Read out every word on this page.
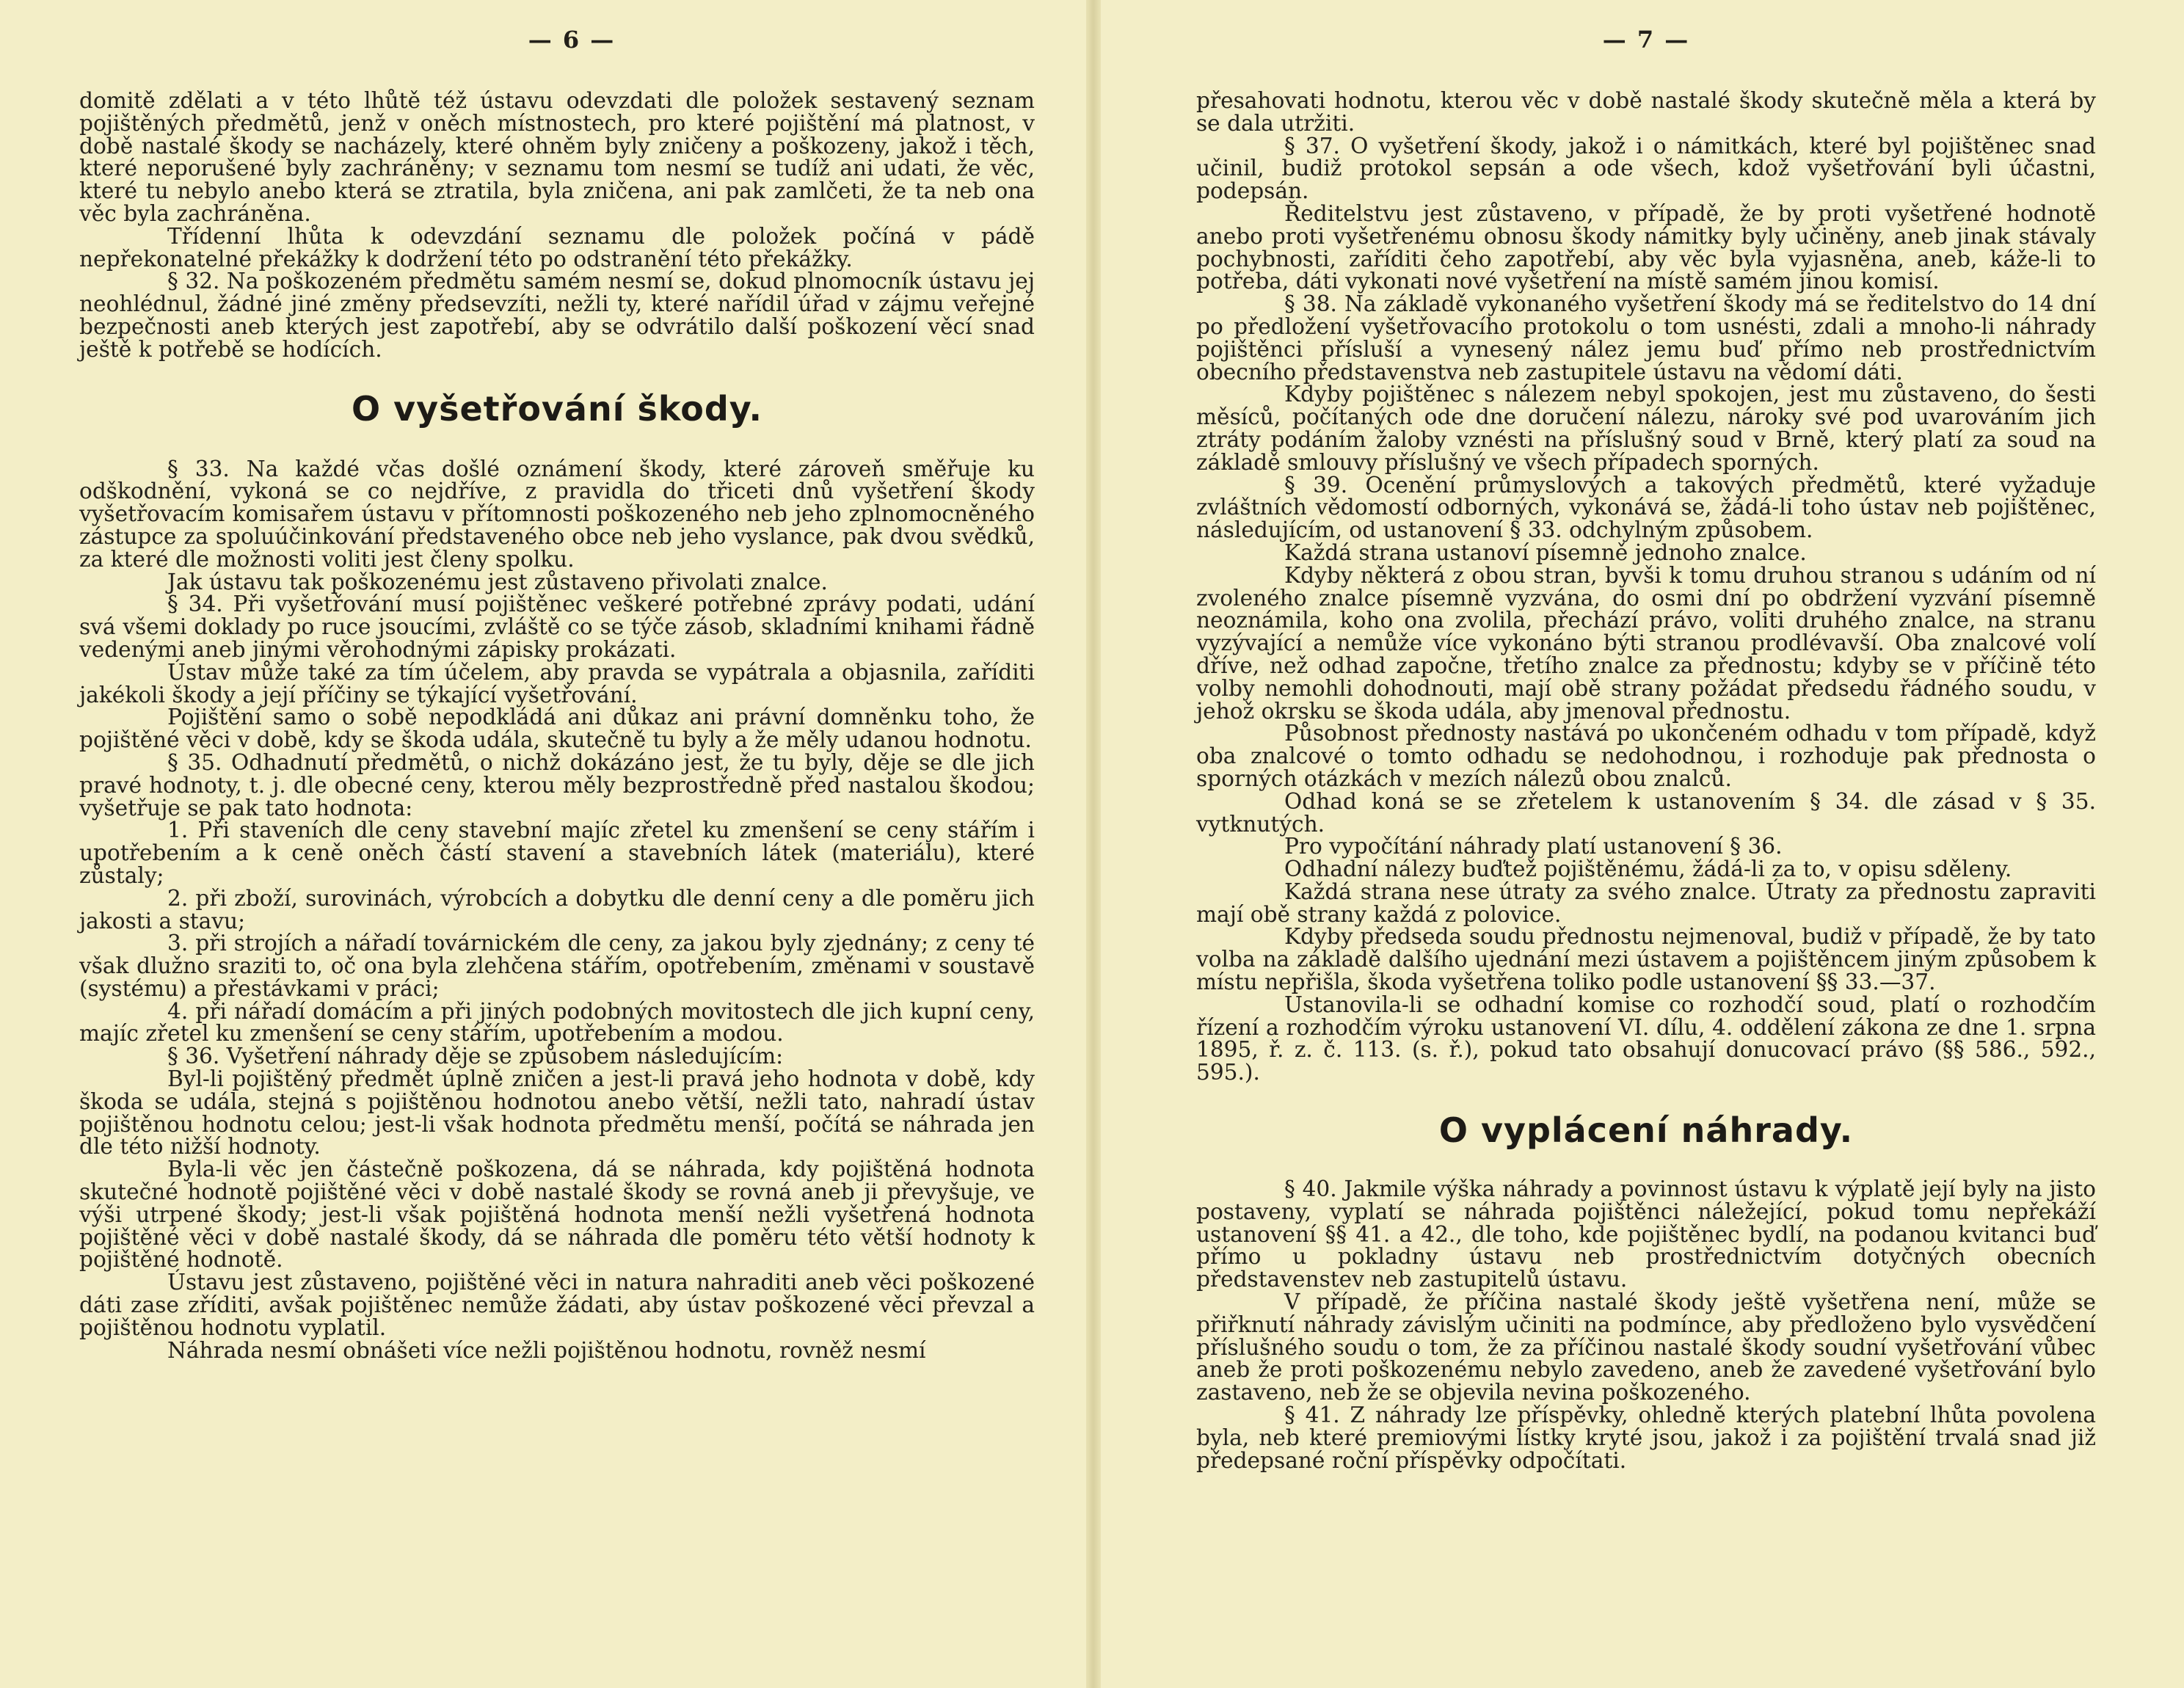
— 6 —

domitě zdělati a v této lhůtě též ústavu odevzdati dle položek sestavený seznam pojištěných předmětů, jenž v oněch místnostech, pro které pojištění má platnost, v době nastalé škody se nacházely, které ohněm byly zničeny a poškozeny, jakož i těch, které neporušené byly zachráněny; v seznamu tom nesmí se tudíž ani udati, že věc, které tu nebylo anebo která se ztratila, byla zničena, ani pak zamlčeti, že ta neb ona věc byla zachráněna.

Třídenní lhůta k odevzdání seznamu dle položek počíná v pádě nepřekonatelné překážky k dodržení této po odstranění této překážky.

§ 32. Na poškozeném předmětu samém nesmí se, dokud plnomocník ústavu jej neohlédnul, žádné jiné změny předsevzíti, nežli ty, které nařídil úřad v zájmu veřejné bezpečnosti aneb kterých jest zapotřebí, aby se odvrátilo další poškození věcí snad ještě k potřebě se hodících.

O vyšetřování škody.

§ 33. Na každé včas došlé oznámení škody, které zároveň směřuje ku odškodnění, vykoná se co nejdříve, z pravidla do třiceti dnů vyšetření škody vyšetřovacím komisařem ústavu v přítomnosti poškozeného neb jeho zplnomocněného zástupce za spoluúčinkování představeného obce neb jeho vyslance, pak dvou svědků, za které dle možnosti voliti jest členy spolku.

Jak ústavu tak poškozenému jest zůstaveno přivolati znalce.

§ 34. Při vyšetřování musí pojištěnec veškeré potřebné zprávy podati, udání svá všemi doklady po ruce jsoucími, zvláště co se týče zásob, skladními knihami řádně vedenými aneb jinými věrohodnými zápisky prokázati.

Ústav může také za tím účelem, aby pravda se vypátrala a objasnila, zaříditi jakékoli škody a její příčiny se týkající vyšetřování.

Pojištění samo o sobě nepodkládá ani důkaz ani právní domněnku toho, že pojištěné věci v době, kdy se škoda udála, skutečně tu byly a že měly udanou hodnotu.

§ 35. Odhadnutí předmětů, o nichž dokázáno jest, že tu byly, děje se dle jich pravé hodnoty, t. j. dle obecné ceny, kterou měly bezprostředně před nastalou škodou; vyšetřuje se pak tato hodnota:

1. Při staveních dle ceny stavební majíc zřetel ku zmenšení se ceny stářím i upotřebením a k ceně oněch částí stavení a stavebních látek (materiálu), které zůstaly;

2. při zboží, surovinách, výrobcích a dobytku dle denní ceny a dle poměru jich jakosti a stavu;

3. při strojích a nářadí továrnickém dle ceny, za jakou byly zjednány; z ceny té však dlužno sraziti to, oč ona byla zlehčena stářím, opotřebením, změnami v soustavě (systému) a přestávkami v práci;

4. při nářadí domácím a při jiných podobných movitostech dle jich kupní ceny, majíc zřetel ku zmenšení se ceny stářím, upotřebením a modou.

§ 36. Vyšetření náhrady děje se způsobem následujícím:

Byl-li pojištěný předmět úplně zničen a jest-li pravá jeho hodnota v době, kdy škoda se udála, stejná s pojištěnou hodnotou anebo větší, nežli tato, nahradí ústav pojištěnou hodnotu celou; jest-li však hodnota předmětu menší, počítá se náhrada jen dle této nižší hodnoty.

Byla-li věc jen částečně poškozena, dá se náhrada, kdy pojištěná hodnota skutečné hodnotě pojištěné věci v době nastalé škody se rovná aneb ji převyšuje, ve výši utrpené škody; jest-li však pojištěná hodnota menší nežli vyšetřená hodnota pojištěné věci v době nastalé škody, dá se náhrada dle poměru této větší hodnoty k pojištěné hodnotě.

Ústavu jest zůstaveno, pojištěné věci in natura nahraditi aneb věci poškozené dáti zase zříditi, avšak pojištěnec nemůže žádati, aby ústav poškozené věci převzal a pojištěnou hodnotu vyplatil.

Náhrada nesmí obnášeti více nežli pojištěnou hodnotu, rovněž nesmí

— 7 —

přesahovati hodnotu, kterou věc v době nastalé škody skutečně měla a která by se dala utržiti.

§ 37. O vyšetření škody, jakož i o námitkách, které byl pojištěnec snad učinil, budiž protokol sepsán a ode všech, kdož vyšetřování byli účastni, podepsán.

Ředitelstvu jest zůstaveno, v případě, že by proti vyšetřené hodnotě anebo proti vyšetřenému obnosu škody námitky byly učiněny, aneb jinak stávaly pochybnosti, zaříditi čeho zapotřebí, aby věc byla vyjasněna, aneb, káže-li to potřeba, dáti vykonati nové vyšetření na místě samém jinou komisí.

§ 38. Na základě vykonaného vyšetření škody má se ředitelstvo do 14 dní po předložení vyšetřovacího protokolu o tom usnésti, zdali a mnoho-li náhrady pojištěnci přísluší a vynesený nález jemu buď přímo neb prostřednictvím obecního představenstva neb zastupitele ústavu na vědomí dáti.

Kdyby pojištěnec s nálezem nebyl spokojen, jest mu zůstaveno, do šesti měsíců, počítaných ode dne doručení nálezu, nároky své pod uvarováním jich ztráty podáním žaloby vznésti na příslušný soud v Brně, který platí za soud na základě smlouvy příslušný ve všech případech sporných.

§ 39. Ocenění průmyslových a takových předmětů, které vyžaduje zvláštních vědomostí odborných, vykonává se, žádá-li toho ústav neb pojištěnec, následujícím, od ustanovení § 33. odchylným způsobem.

Každá strana ustanoví písemně jednoho znalce.

Kdyby některá z obou stran, byvši k tomu druhou stranou s udáním od ní zvoleného znalce písemně vyzvána, do osmi dní po obdržení vyzvání písemně neoznámila, koho ona zvolila, přechází právo, voliti druhého znalce, na stranu vyzývající a nemůže více vykonáno býti stranou prodlévavší. Oba znalcové volí dříve, než odhad započne, třetího znalce za přednostu; kdyby se v příčině této volby nemohli dohodnouti, mají obě strany požádat předsedu řádného soudu, v jehož okrsku se škoda udála, aby jmenoval přednostu.

Působnost přednosty nastává po ukončeném odhadu v tom případě, když oba znalcové o tomto odhadu se nedohodnou, i rozhoduje pak přednosta o sporných otázkách v mezích nálezů obou znalců.

Odhad koná se se zřetelem k ustanovením § 34. dle zásad v § 35. vytknutých.

Pro vypočítání náhrady platí ustanovení § 36.

Odhadní nálezy buďtež pojištěnému, žádá-li za to, v opisu sděleny.

Každá strana nese útraty za svého znalce. Útraty za přednostu zapraviti mají obě strany každá z polovice.

Kdyby předseda soudu přednostu nejmenoval, budiž v případě, že by tato volba na základě dalšího ujednání mezi ústavem a pojištěncem jiným způsobem k místu nepřišla, škoda vyšetřena toliko podle ustanovení §§ 33.—37.

Ustanovila-li se odhadní komise co rozhodčí soud, platí o rozhodčím řízení a rozhodčím výroku ustanovení VI. dílu, 4. oddělení zákona ze dne 1. srpna 1895, ř. z. č. 113. (s. ř.), pokud tato obsahují donucovací právo (§§ 586., 592., 595.).

O vyplácení náhrady.

§ 40. Jakmile výška náhrady a povinnost ústavu k výplatě její byly na jisto postaveny, vyplatí se náhrada pojištěnci náležející, pokud tomu nepřekáží ustanovení §§ 41. a 42., dle toho, kde pojištěnec bydlí, na podanou kvitanci buď přímo u pokladny ústavu neb prostřednictvím dotyčných obecních představenstev neb zastupitelů ústavu.

V případě, že příčina nastalé škody ještě vyšetřena není, může se přiřknutí náhrady závislým učiniti na podmínce, aby předloženo bylo vysvědčení příslušného soudu o tom, že za příčinou nastalé škody soudní vyšetřování vůbec aneb že proti poškozenému nebylo zavedeno, aneb že zavedené vyšetřování bylo zastaveno, neb že se objevila nevina poškozeného.

§ 41. Z náhrady lze příspěvky, ohledně kterých platební lhůta povolena byla, neb které premiovými lístky kryté jsou, jakož i za pojištění trvalá snad již předepsané roční příspěvky odpočítati.
